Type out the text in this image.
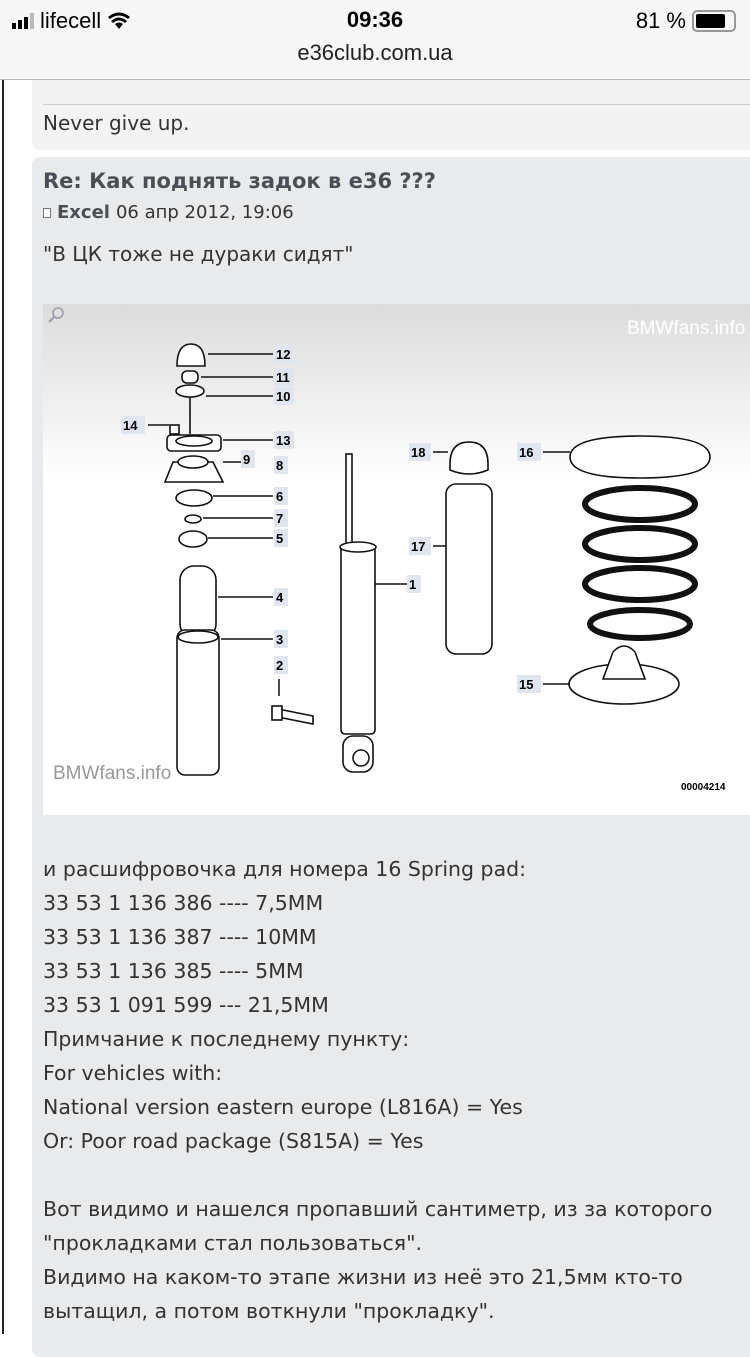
lifecell	09:36	81 %
e36club.com.ua
Never give up.
Re: Как поднять задок в e36 ???
Excel 06 апр 2012, 19:06
"В ЦК тоже не дураки сидят"
BMWfans.info
BMWfans.info
00004214
12
11
10
14
13
9 8
6
7
5
4
3
2
1
18
17
16
15
и расшифровочка для номера 16 Spring pad:
33 53 1 136 386 ---- 7,5MM
33 53 1 136 387 ---- 10MM
33 53 1 136 385 ---- 5MM
33 53 1 091 599 --- 21,5MM
Примчание к последнему пункту:
For vehicles with:
National version eastern europe (L816A) = Yes
Or: Poor road package (S815A) = Yes
Вот видимо и нашелся пропавший сантиметр, из за которого
"прокладками стал пользоваться".
Видимо на каком-то этапе жизни из неё это 21,5мм кто-то
вытащил, а потом воткнули "прокладку".
